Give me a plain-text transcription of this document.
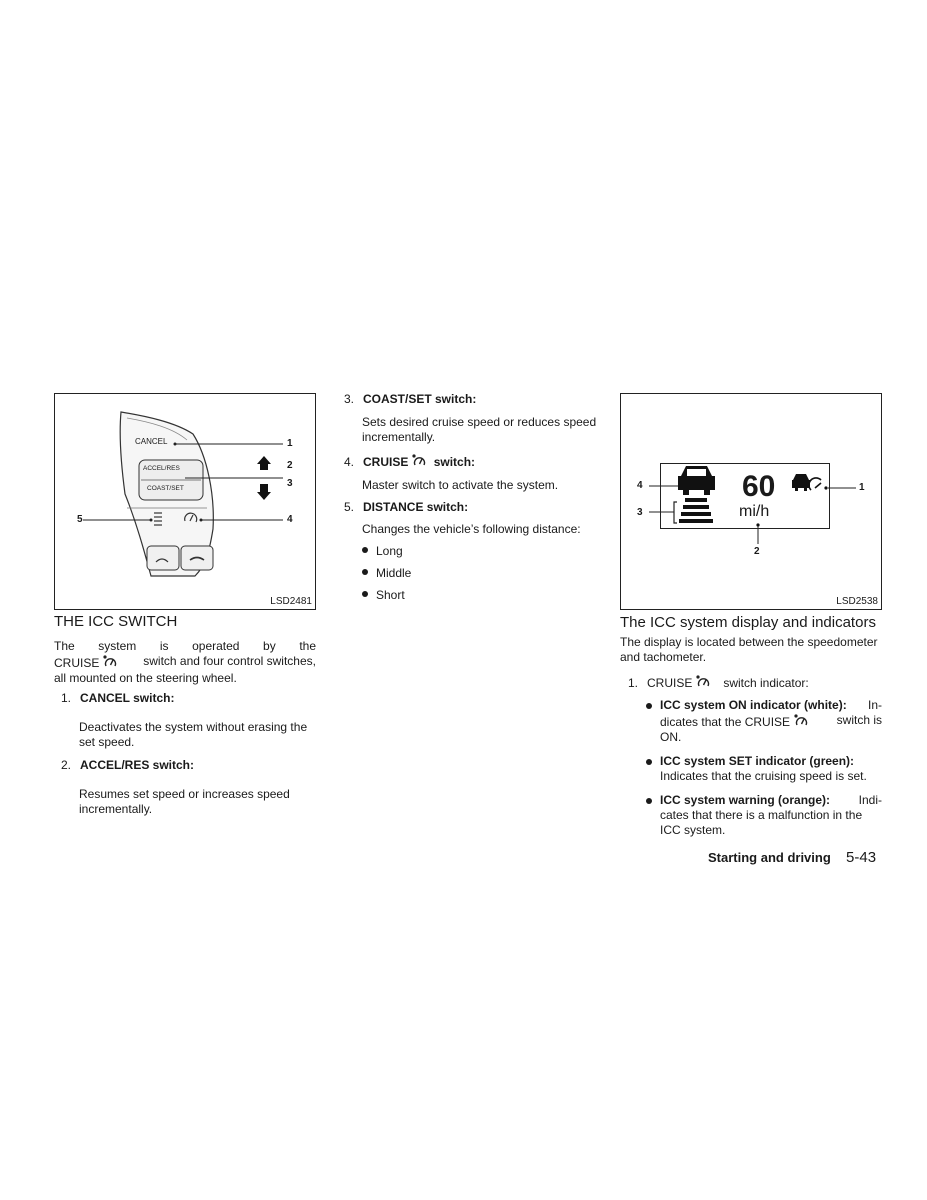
CANCEL
ACCEL/RES
COAST/SET
1
2
3
4
5
LSD2481
THE ICC SWITCH
The system is operated by the
CRUISE	switch and four control switches,
all mounted on the steering wheel.
1. CANCEL switch:

Deactivates the system without erasing the set speed.

2. ACCEL/RES switch:

Resumes set speed or increases speed incrementally.

3. COAST/SET switch:

Sets desired cruise speed or reduces speed incrementally.

4. CRUISE switch:

Master switch to activate the system.

5. DISTANCE switch:

Changes the vehicle’s following distance:

Long
Middle
Short
60
mi/h
1
2
3
4
LSD2538
The ICC system display and indicators
The display is located between the speedometer and tachometer.
1. CRUISE	switch indicator:
ICC system ON indicator (white): In-
dicates that the CRUISE	switch is
ON.
ICC system SET indicator (green):
Indicates that the cruising speed is set.
ICC system warning (orange): Indi-
cates that there is a malfunction in the ICC system.
Starting and driving 5-43
